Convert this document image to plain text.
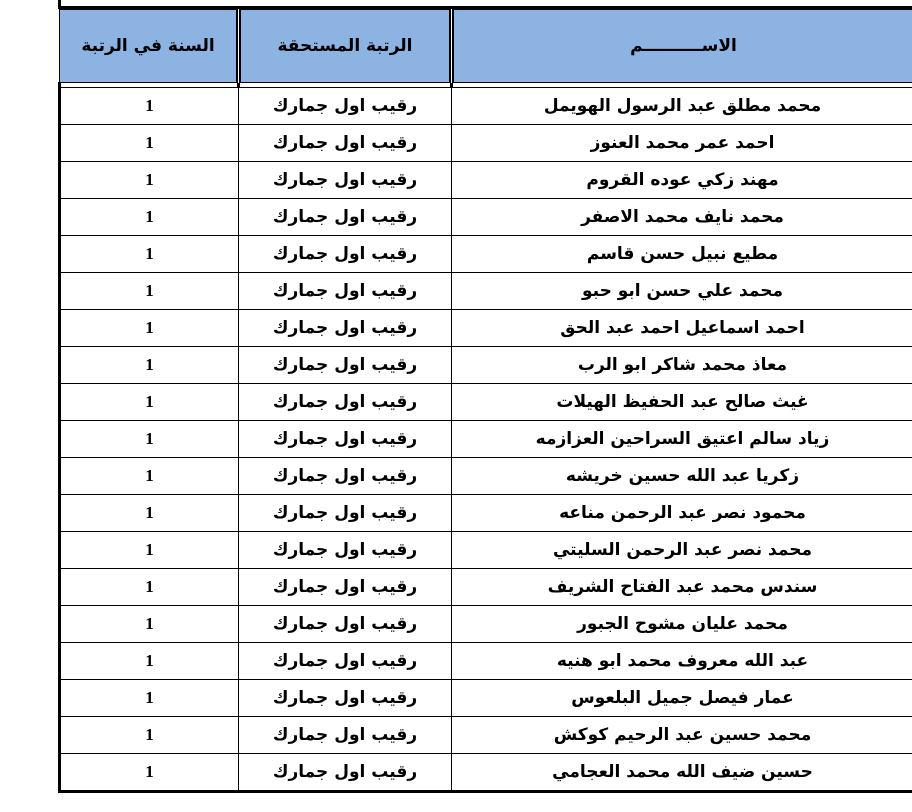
السنة في الرتبة	الرتبة المستحقة	الاســــــــــم

1	رقيب اول جمارك	محمد مطلق عبد الرسول الهويمل
1	رقيب اول جمارك	احمد عمر محمد العنوز
1	رقيب اول جمارك	مهند زكي عوده القروم
1	رقيب اول جمارك	محمد نايف محمد الاصفر
1	رقيب اول جمارك	مطيع نبيل حسن قاسم
1	رقيب اول جمارك	محمد علي حسن ابو حبو
1	رقيب اول جمارك	احمد اسماعيل احمد عبد الحق
1	رقيب اول جمارك	معاذ محمد شاكر ابو الرب
1	رقيب اول جمارك	غيث صالح عبد الحفيظ الهيلات
1	رقيب اول جمارك	زياد سالم اعتيق السراحين العزازمه
1	رقيب اول جمارك	زكريا عبد الله حسين خريشه
1	رقيب اول جمارك	محمود نصر عبد الرحمن مناعه
1	رقيب اول جمارك	محمد نصر عبد الرحمن السليتي
1	رقيب اول جمارك	سندس محمد عبد الفتاح الشريف
1	رقيب اول جمارك	محمد عليان مشوح الجبور
1	رقيب اول جمارك	عبد الله معروف محمد ابو هنيه
1	رقيب اول جمارك	عمار فيصل جميل البلعوس
1	رقيب اول جمارك	محمد حسين عبد الرحيم كوكش
1	رقيب اول جمارك	حسين ضيف الله محمد العجامي
